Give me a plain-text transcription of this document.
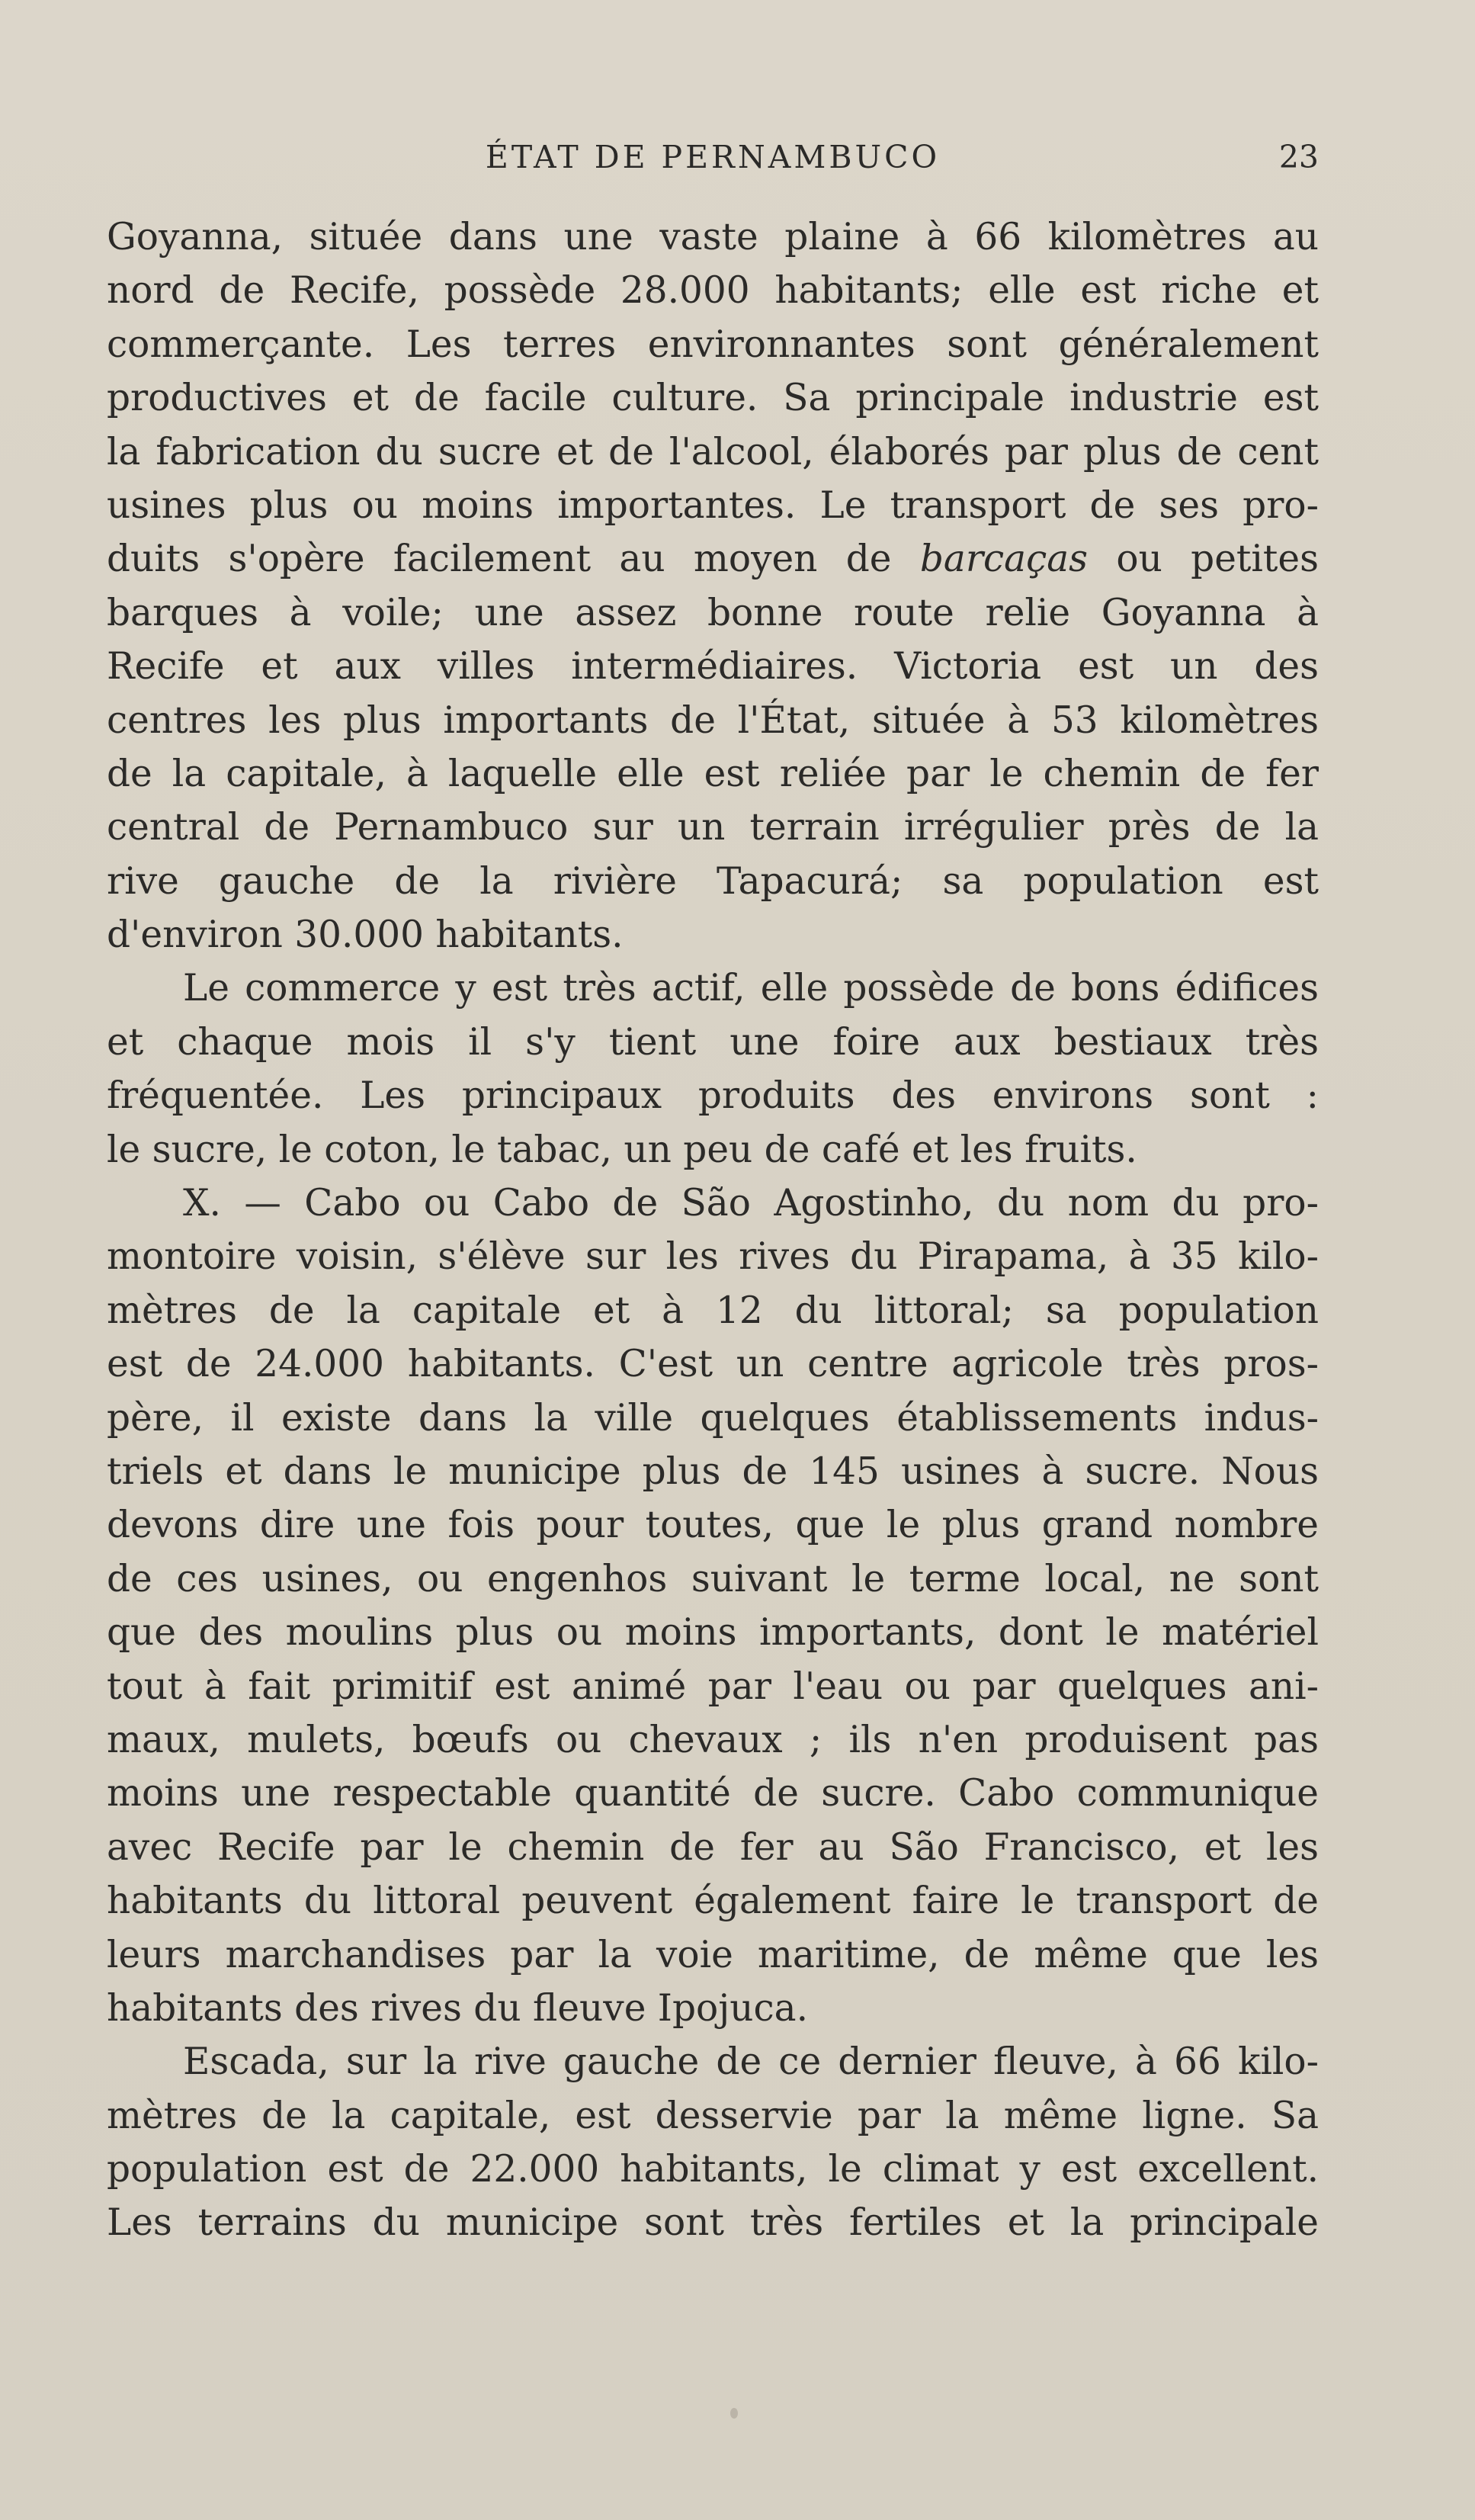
ÉTAT DE PERNAMBUCO	23
Goyanna, située dans une vaste plaine à 66 kilomètres au
nord de Recife, possède 28.000 habitants; elle est riche et
commerçante. Les terres environnantes sont généralement
productives et de facile culture. Sa principale industrie est
la fabrication du sucre et de l'alcool, élaborés par plus de cent
usines plus ou moins importantes. Le transport de ses pro-
duits s'opère facilement au moyen de barcaças ou petites
barques à voile; une assez bonne route relie Goyanna à
Recife et aux villes intermédiaires. Victoria est un des
centres les plus importants de l'État, située à 53 kilomètres
de la capitale, à laquelle elle est reliée par le chemin de fer
central de Pernambuco sur un terrain irrégulier près de la
rive gauche de la rivière Tapacurá; sa population est
d'environ 30.000 habitants.
Le commerce y est très actif, elle possède de bons édifices
et chaque mois il s'y tient une foire aux bestiaux très
fréquentée. Les principaux produits des environs sont :
le sucre, le coton, le tabac, un peu de café et les fruits.
X. — Cabo ou Cabo de São Agostinho, du nom du pro-
montoire voisin, s'élève sur les rives du Pirapama, à 35 kilo-
mètres de la capitale et à 12 du littoral; sa population
est de 24.000 habitants. C'est un centre agricole très pros-
père, il existe dans la ville quelques établissements indus-
triels et dans le municipe plus de 145 usines à sucre. Nous
devons dire une fois pour toutes, que le plus grand nombre
de ces usines, ou engenhos suivant le terme local, ne sont
que des moulins plus ou moins importants, dont le matériel
tout à fait primitif est animé par l'eau ou par quelques ani-
maux, mulets, bœufs ou chevaux ; ils n'en produisent pas
moins une respectable quantité de sucre. Cabo communique
avec Recife par le chemin de fer au São Francisco, et les
habitants du littoral peuvent également faire le transport de
leurs marchandises par la voie maritime, de même que les
habitants des rives du fleuve Ipojuca.
Escada, sur la rive gauche de ce dernier fleuve, à 66 kilo-
mètres de la capitale, est desservie par la même ligne. Sa
population est de 22.000 habitants, le climat y est excellent.
Les terrains du municipe sont très fertiles et la principale
